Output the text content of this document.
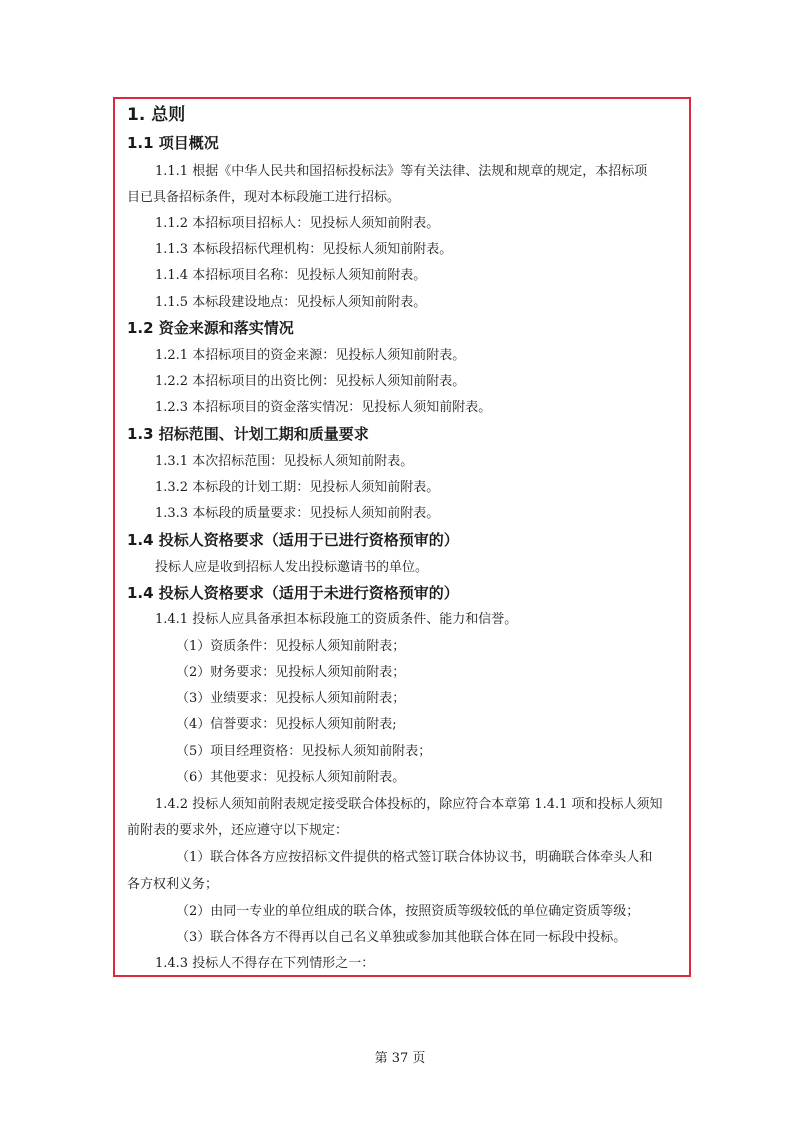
1. 总则
1.1 项目概况
1.1.1 根据《中华人民共和国招标投标法》等有关法律、法规和规章的规定，本招标项
目已具备招标条件，现对本标段施工进行招标。
1.1.2 本招标项目招标人：见投标人须知前附表。
1.1.3 本标段招标代理机构：见投标人须知前附表。
1.1.4 本招标项目名称：见投标人须知前附表。
1.1.5 本标段建设地点：见投标人须知前附表。
1.2 资金来源和落实情况
1.2.1 本招标项目的资金来源：见投标人须知前附表。
1.2.2 本招标项目的出资比例：见投标人须知前附表。
1.2.3 本招标项目的资金落实情况：见投标人须知前附表。
1.3 招标范围、计划工期和质量要求
1.3.1 本次招标范围：见投标人须知前附表。
1.3.2 本标段的计划工期：见投标人须知前附表。
1.3.3 本标段的质量要求：见投标人须知前附表。
1.4 投标人资格要求（适用于已进行资格预审的）
投标人应是收到招标人发出投标邀请书的单位。
1.4 投标人资格要求（适用于未进行资格预审的）
1.4.1 投标人应具备承担本标段施工的资质条件、能力和信誉。
（1）资质条件：见投标人须知前附表；
（2）财务要求：见投标人须知前附表；
（3）业绩要求：见投标人须知前附表；
（4）信誉要求：见投标人须知前附表;
（5）项目经理资格：见投标人须知前附表；
（6）其他要求：见投标人须知前附表。
1.4.2 投标人须知前附表规定接受联合体投标的，除应符合本章第 1.4.1 项和投标人须知
前附表的要求外，还应遵守以下规定：
（1）联合体各方应按招标文件提供的格式签订联合体协议书，明确联合体牵头人和
各方权利义务；
（2）由同一专业的单位组成的联合体，按照资质等级较低的单位确定资质等级；
（3）联合体各方不得再以自己名义单独或参加其他联合体在同一标段中投标。
1.4.3 投标人不得存在下列情形之一：
第 37 页
